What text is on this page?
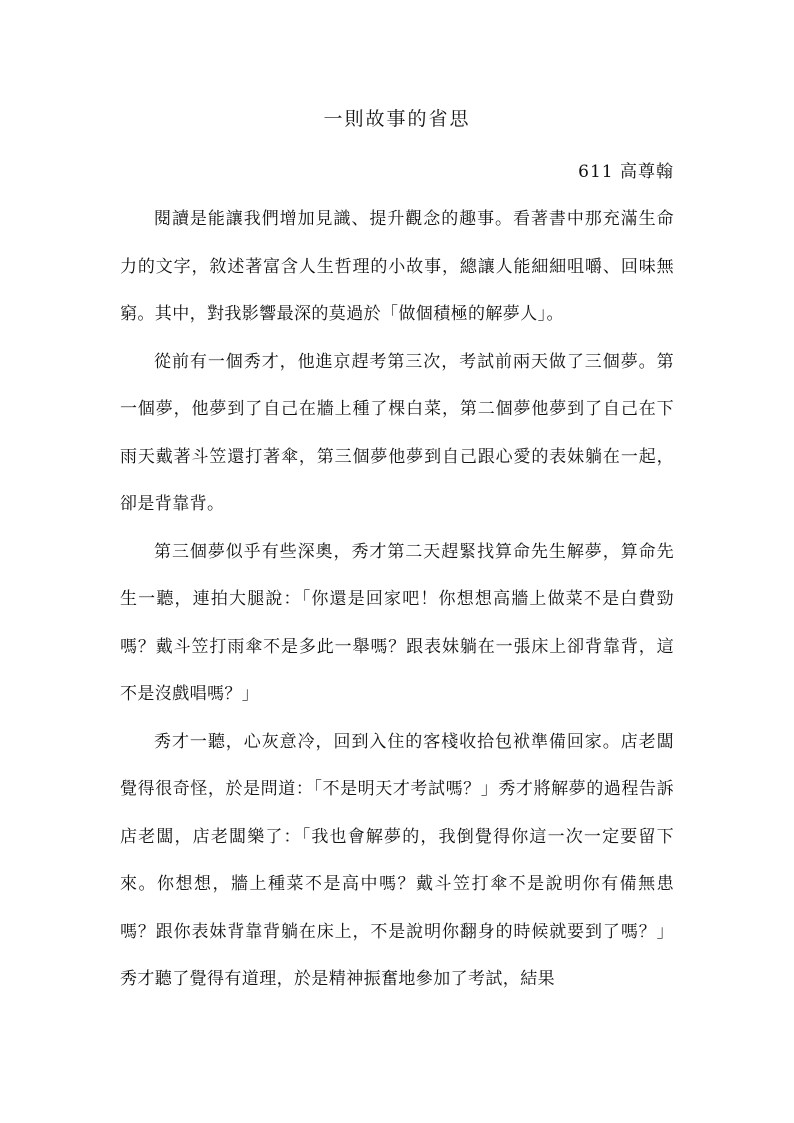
一則故事的省思
611 高尊翰

閱讀是能讓我們增加見識、提升觀念的趣事。看著書中那充滿生命力的文字，敘述著富含人生哲理的小故事，總讓人能細細咀嚼、回味無窮。其中，對我影響最深的莫過於「做個積極的解夢人」。

從前有一個秀才，他進京趕考第三次，考試前兩天做了三個夢。第一個夢，他夢到了自己在牆上種了棵白菜，第二個夢他夢到了自己在下雨天戴著斗笠還打著傘，第三個夢他夢到自己跟心愛的表妹躺在一起，卻是背靠背。

第三個夢似乎有些深奧，秀才第二天趕緊找算命先生解夢，算命先生一聽，連拍大腿說：「你還是回家吧！你想想高牆上做菜不是白費勁嗎？戴斗笠打雨傘不是多此一舉嗎？跟表妹躺在一張床上卻背靠背，這不是沒戲唱嗎？」

秀才一聽，心灰意冷，回到入住的客棧收拾包袱準備回家。店老闆覺得很奇怪，於是問道：「不是明天才考試嗎？」秀才將解夢的過程告訴店老闆，店老闆樂了：「我也會解夢的，我倒覺得你這一次一定要留下來。你想想，牆上種菜不是高中嗎？戴斗笠打傘不是說明你有備無患嗎？跟你表妹背靠背躺在床上，不是說明你翻身的時候就要到了嗎？」秀才聽了覺得有道理，於是精神振奮地參加了考試，結果
